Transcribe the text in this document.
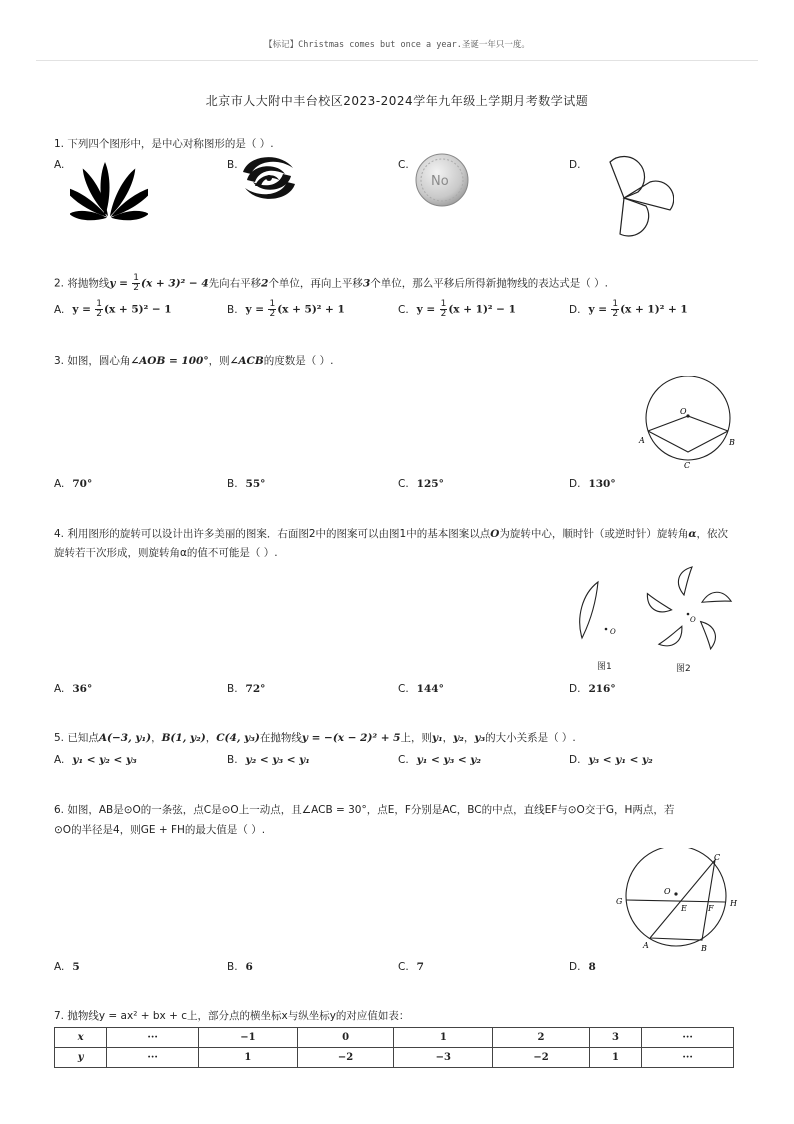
【标记】Christmas comes but once a year.圣诞一年只一度。
北京市人大附中丰台校区2023-2024学年九年级上学期月考数学试题
1. 下列四个图形中，是中心对称图形的是（ ）.
A.	B.	C.	D.
No
2. 将抛物线$y = \frac{1}{2} (x + 3)^2 - 4$先向右平移2个单位，再向上平移3个单位，那么平移后所得新抛物线的表达式是（ ）.
A. $y = \frac{1}{2} (x + 5)^2 - 1$	B. $y = \frac{1}{2} (x + 5)^2 + 1$	C. $y = \frac{1}{2} (x + 1)^2 - 1$	D. $y = \frac{1}{2} (x + 1)^2 + 1$
3. 如图，圆心角∠AOB = 100°，则∠ACB的度数是（ ）.
O
A	B
C
A. 70°	B. 55°	C. 125°	D. 130°
4. 利用图形的旋转可以设计出许多美丽的图案．右面图2中的图案可以由图1中的基本图案以点O为旋转中心，顺时针（或逆时针）旋转角α，依次
旋转若干次形成，则旋转角α的值不可能是（ ）.
O
图1
O
图2
A. 36°	B. 72°	C. 144°	D. 216°
5. 已知点A(−3, y₁)，B(1, y₂)，C(4, y₃)在抛物线y = −(x − 2)² + 5上，则y₁，y₂，y₃的大小关系是（ ）.
A. y₁ < y₂ < y₃	B. y₂ < y₃ < y₁	C. y₁ < y₃ < y₂	D. y₃ < y₁ < y₂
6. 如图，AB是⊙O的一条弦，点C是⊙O上一动点，且∠ACB = 30°，点E，F分别是AC，BC的中点，直线EF与⊙O交于G，H两点，若
⊙O的半径是4，则GE + FH的最大值是（ ）.
O
A	B
C
E	F
G	H
A. 5	B. 6	C. 7	D. 8
7. 抛物线y = ax² + bx + c上，部分点的横坐标x与纵坐标y的对应值如表：
x	···	−1	0	1	2	3	···
y	···	1	−2	−3	−2	1	···
